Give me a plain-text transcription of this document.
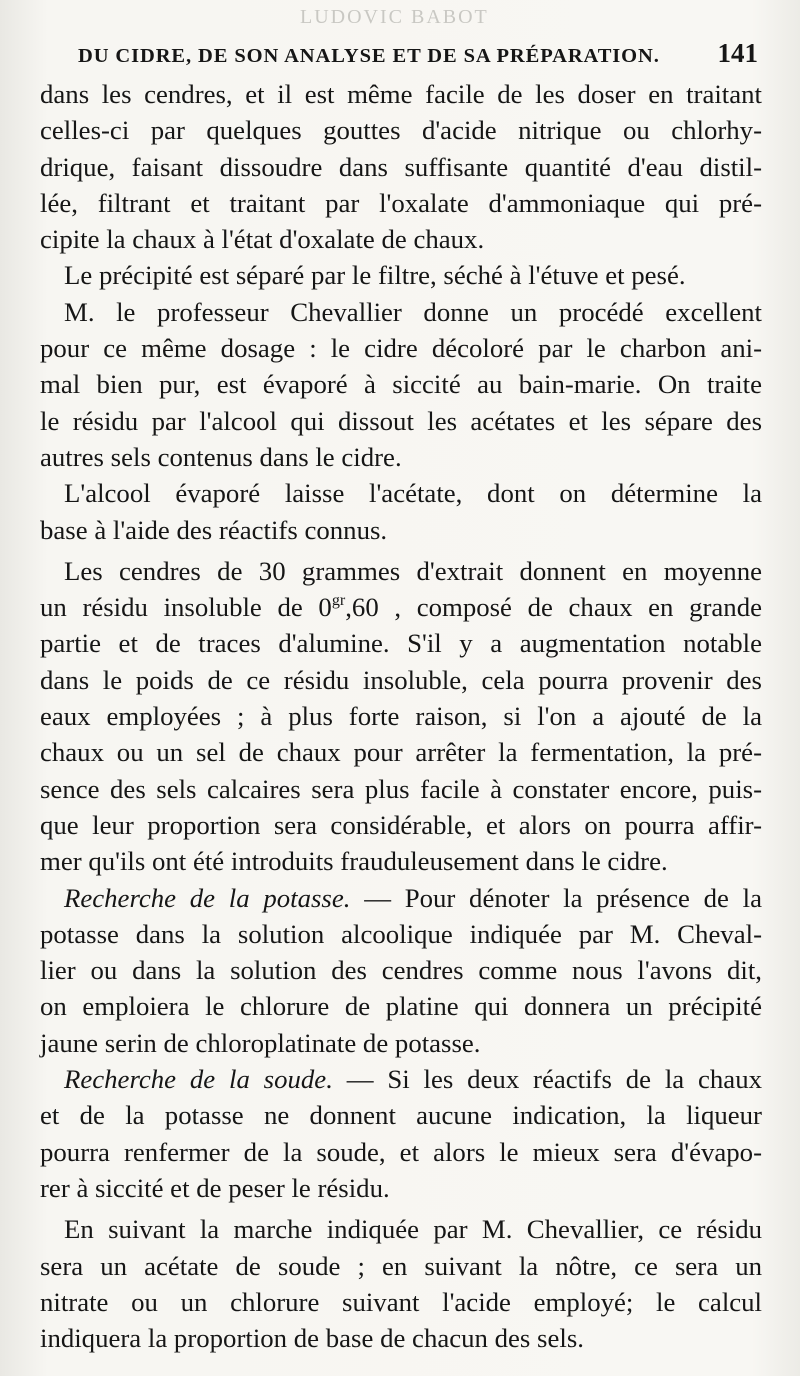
LUDOVIC BABOT
DU CIDRE, DE SON ANALYSE ET DE SA PRÉPARATION. 141

dans les cendres, et il est même facile de les doser en traitant
celles-ci par quelques gouttes d'acide nitrique ou chlorhy-
drique, faisant dissoudre dans suffisante quantité d'eau distil-
lée, filtrant et traitant par l'oxalate d'ammoniaque qui pré-
cipite la chaux à l'état d'oxalate de chaux.

Le précipité est séparé par le filtre, séché à l'étuve et pesé.

M. le professeur Chevallier donne un procédé excellent
pour ce même dosage : le cidre décoloré par le charbon ani-
mal bien pur, est évaporé à siccité au bain-marie. On traite
le résidu par l'alcool qui dissout les acétates et les sépare des
autres sels contenus dans le cidre.

L'alcool évaporé laisse l'acétate, dont on détermine la
base à l'aide des réactifs connus.

Les cendres de 30 grammes d'extrait donnent en moyenne
un résidu insoluble de $0^{gr},60$ , composé de chaux en grande
partie et de traces d'alumine. S'il y a augmentation notable
dans le poids de ce résidu insoluble, cela pourra provenir des
eaux employées ; à plus forte raison, si l'on a ajouté de la
chaux ou un sel de chaux pour arrêter la fermentation, la pré-
sence des sels calcaires sera plus facile à constater encore, puis-
que leur proportion sera considérable, et alors on pourra affir-
mer qu'ils ont été introduits frauduleusement dans le cidre.

Recherche de la potasse. — Pour dénoter la présence de la
potasse dans la solution alcoolique indiquée par M. Cheval-
lier ou dans la solution des cendres comme nous l'avons dit,
on emploiera le chlorure de platine qui donnera un précipité
jaune serin de chloroplatinate de potasse.

Recherche de la soude. — Si les deux réactifs de la chaux
et de la potasse ne donnent aucune indication, la liqueur
pourra renfermer de la soude, et alors le mieux sera d'évapo-
rer à siccité et de peser le résidu.

En suivant la marche indiquée par M. Chevallier, ce résidu
sera un acétate de soude ; en suivant la nôtre, ce sera un
nitrate ou un chlorure suivant l'acide employé; le calcul
indiquera la proportion de base de chacun des sels.
